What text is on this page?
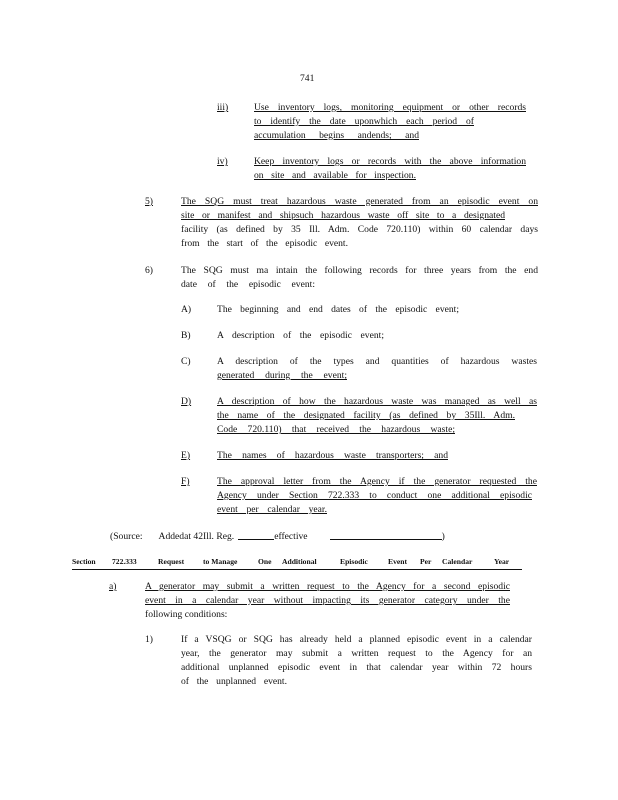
741
iii)	Use inventory logs, monitoring equipment or other records
to identify the date uponwhich each period of
accumulation begins andends; and
iv)	Keep inventory logs or records with the above information
on site and available for inspection.
5)	The SQG must treat hazardous waste generated from an episodic event on
site or manifest and shipsuch hazardous waste off site to a designated
facility (as defined by 35 Ill. Adm. Code 720.110) within 60 calendar days
from the start of the episodic event.
6)	The SQG must ma intain the following records for three years from the end
date of the episodic event:
A)	The beginning and end dates of the episodic event;
B)	A description of the episodic event;
C)	A description of the types and quantities of hazardous wastes
generated during the event;
D)	A description of how the hazardous waste was managed as well as
the name of the designated facility (as defined by 35Ill. Adm.
Code 720.110) that received the hazardous waste;
E)	The names of hazardous waste transporters; and
F)	The approval letter from the Agency if the generator requested the
Agency under Section 722.333 to conduct one additional episodic
event per calendar year.
(Source: Addedat 42Ill. Reg.	effective	)
Section 722.333	Request to Manage	One Additional	Episodic	Event Per Calendar	Year
a)	A generator may submit a written request to the Agency for a second episodic
event in a calendar year without impacting its generator category under the
following conditions:
1)	If a VSQG or SQG has already held a planned episodic event in a calendar
year, the generator may submit a written request to the Agency for an
additional unplanned episodic event in that calendar year within 72 hours
of the unplanned event.
